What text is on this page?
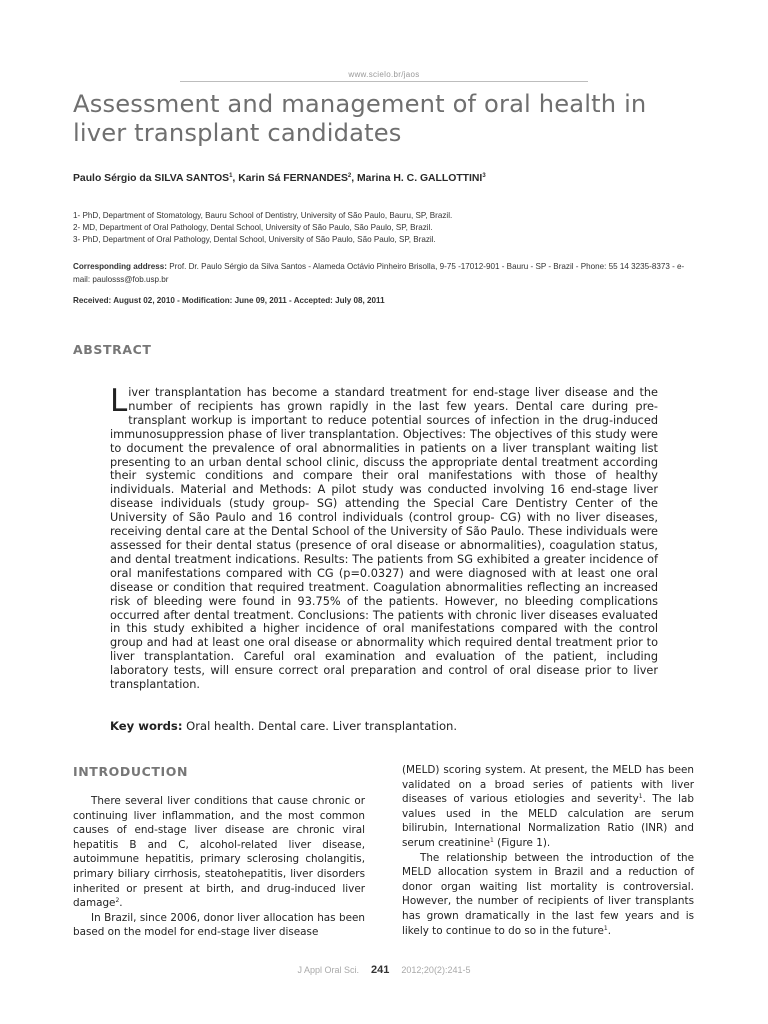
www.scielo.br/jaos
Assessment and management of oral health in liver transplant candidates
Paulo Sérgio da SILVA SANTOS$^1$, Karin Sá FERNANDES$^2$, Marina H. C. GALLOTTINI$^3$
1- PhD, Department of Stomatology, Bauru School of Dentistry, University of São Paulo, Bauru, SP, Brazil.
2- MD, Department of Oral Pathology, Dental School, University of São Paulo, São Paulo, SP, Brazil.
3- PhD, Department of Oral Pathology, Dental School, University of São Paulo, São Paulo, SP, Brazil.
Corresponding address: Prof. Dr. Paulo Sérgio da Silva Santos - Alameda Octávio Pinheiro Brisolla, 9-75 -17012-901 - Bauru - SP - Brazil - Phone: 55 14 3235-8373 - e-mail: paulosss@fob.usp.br
Received: August 02, 2010 - Modification: June 09, 2011 - Accepted: July 08, 2011
ABSTRACT

Liver transplantation has become a standard treatment for end-stage liver disease and the number of recipients has grown rapidly in the last few years. Dental care during pre-transplant workup is important to reduce potential sources of infection in the drug-induced immunosuppression phase of liver transplantation. Objectives: The objectives of this study were to document the prevalence of oral abnormalities in patients on a liver transplant waiting list presenting to an urban dental school clinic, discuss the appropriate dental treatment according their systemic conditions and compare their oral manifestations with those of healthy individuals. Material and Methods: A pilot study was conducted involving 16 end-stage liver disease individuals (study group- SG) attending the Special Care Dentistry Center of the University of São Paulo and 16 control individuals (control group- CG) with no liver diseases, receiving dental care at the Dental School of the University of São Paulo. These individuals were assessed for their dental status (presence of oral disease or abnormalities), coagulation status, and dental treatment indications. Results: The patients from SG exhibited a greater incidence of oral manifestations compared with CG (p=0.0327) and were diagnosed with at least one oral disease or condition that required treatment. Coagulation abnormalities reflecting an increased risk of bleeding were found in 93.75% of the patients. However, no bleeding complications occurred after dental treatment. Conclusions: The patients with chronic liver diseases evaluated in this study exhibited a higher incidence of oral manifestations compared with the control group and had at least one oral disease or abnormality which required dental treatment prior to liver transplantation. Careful oral examination and evaluation of the patient, including laboratory tests, will ensure correct oral preparation and control of oral disease prior to liver transplantation.

Key words: Oral health. Dental care. Liver transplantation.
INTRODUCTION

There several liver conditions that cause chronic or continuing liver inflammation, and the most common causes of end-stage liver disease are chronic viral hepatitis B and C, alcohol-related liver disease, autoimmune hepatitis, primary sclerosing cholangitis, primary biliary cirrhosis, steatohepatitis, liver disorders inherited or present at birth, and drug-induced liver damage$^2$.

In Brazil, since 2006, donor liver allocation has been based on the model for end-stage liver disease

(MELD) scoring system. At present, the MELD has been validated on a broad series of patients with liver diseases of various etiologies and severity$^1$. The lab values used in the MELD calculation are serum bilirubin, International Normalization Ratio (INR) and serum creatinine$^1$ (Figure 1).

The relationship between the introduction of the MELD allocation system in Brazil and a reduction of donor organ waiting list mortality is controversial. However, the number of recipients of liver transplants has grown dramatically in the last few years and is likely to continue to do so in the future$^1$.

J Appl Oral Sci. 241 2012;20(2):241-5
